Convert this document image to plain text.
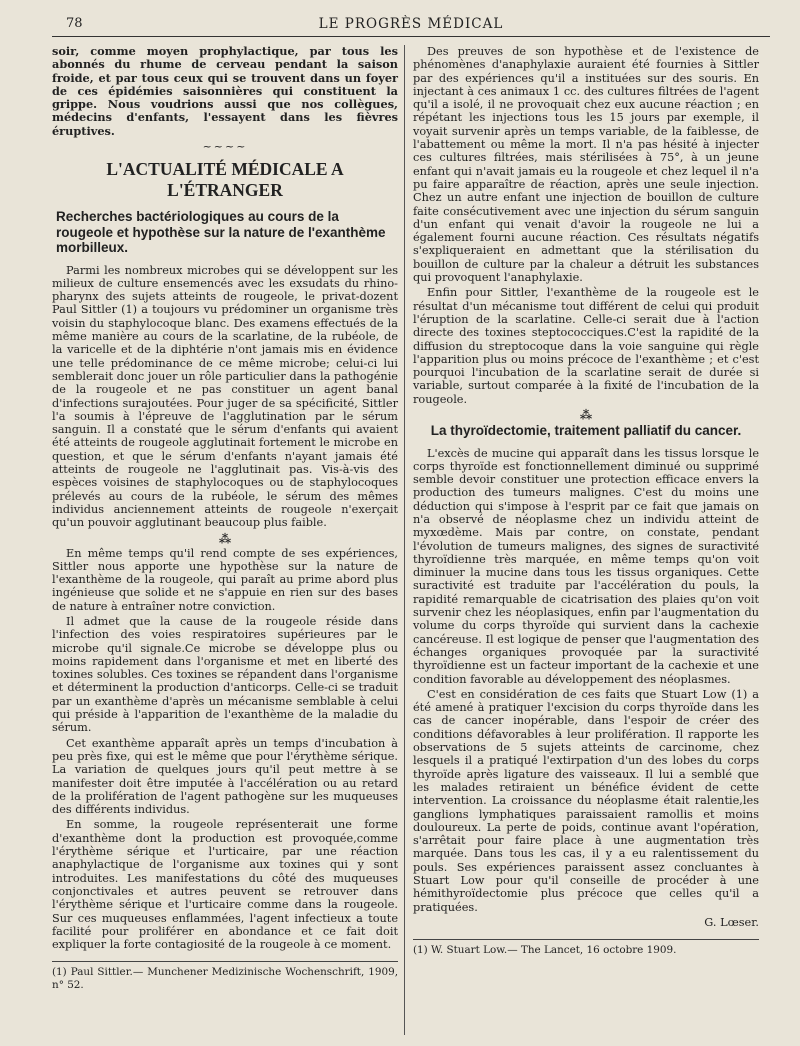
78	LE PROGRÈS MÉDICAL

soir, comme moyen prophylactique, par tous les abonnés du rhume de cerveau pendant la saison froide, et par tous ceux qui se trouvent dans un foyer de ces épidémies saisonnières qui constituent la grippe. Nous voudrions aussi que nos collègues, médecins d'enfants, l'essayent dans les fièvres éruptives.

~~~~
L'ACTUALITÉ MÉDICALE A L'ÉTRANGER
Recherches bactériologiques au cours de la rougeole et hypothèse sur la nature de l'exanthème morbilleux.

Parmi les nombreux microbes qui se développent sur les milieux de culture ensemencés avec les exsudats du rhino-pharynx des sujets atteints de rougeole, le privat-dozent Paul Sittler (1) a toujours vu prédominer un organisme très voisin du staphylocoque blanc. Des examens effectués de la même manière au cours de la scarlatine, de la rubéole, de la varicelle et de la diphtérie n'ont jamais mis en évidence une telle prédominance de ce même microbe; celui-ci lui semblerait donc jouer un rôle particulier dans la pathogénie de la rougeole et ne pas constituer un agent banal d'infections surajoutées. Pour juger de sa spécificité, Sittler l'a soumis à l'épreuve de l'agglutination par le sérum sanguin. Il a constaté que le sérum d'enfants qui avaient été atteints de rougeole agglutinait fortement le microbe en question, et que le sérum d'enfants n'ayant jamais été atteints de rougeole ne l'agglutinait pas. Vis-à-vis des espèces voisines de staphylocoques ou de staphylocoques prélevés au cours de la rubéole, le sérum des mêmes individus anciennement atteints de rougeole n'exerçait qu'un pouvoir agglutinant beaucoup plus faible.

⁂

En même temps qu'il rend compte de ses expériences, Sittler nous apporte une hypothèse sur la nature de l'exanthème de la rougeole, qui paraît au prime abord plus ingénieuse que solide et ne s'appuie en rien sur des bases de nature à entraîner notre conviction.

Il admet que la cause de la rougeole réside dans l'infection des voies respiratoires supérieures par le microbe qu'il signale.Ce microbe se développe plus ou moins rapidement dans l'organisme et met en liberté des toxines solubles. Ces toxines se répandent dans l'organisme et déterminent la production d'anticorps. Celle-ci se traduit par un exanthème d'après un mécanisme semblable à celui qui préside à l'apparition de l'exanthème de la maladie du sérum.

Cet exanthème apparaît après un temps d'incubation à peu près fixe, qui est le même que pour l'érythème sérique. La variation de quelques jours qu'il peut mettre à se manifester doit être imputée à l'accélération ou au retard de la prolifération de l'agent pathogène sur les muqueuses des différents individus.

En somme, la rougeole représenterait une forme d'exanthème dont la production est provoquée,comme l'érythème sérique et l'urticaire, par une réaction anaphylactique de l'organisme aux toxines qui y sont introduites. Les manifestations du côté des muqueuses conjonctivales et autres peuvent se retrouver dans l'érythème sérique et l'urticaire comme dans la rougeole. Sur ces muqueuses enflammées, l'agent infectieux a toute facilité pour proliférer en abondance et ce fait doit expliquer la forte contagiosité de la rougeole à ce moment.

(1) Paul Sittler.— Munchener Medizinische Wochenschrift, 1909, n° 52.

Des preuves de son hypothèse et de l'existence de phénomènes d'anaphylaxie auraient été fournies à Sittler par des expériences qu'il a instituées sur des souris. En injectant à ces animaux 1 cc. des cultures filtrées de l'agent qu'il a isolé, il ne provoquait chez eux aucune réaction ; en répétant les injections tous les 15 jours par exemple, il voyait survenir après un temps variable, de la faiblesse, de l'abattement ou même la mort. Il n'a pas hésité à injecter ces cultures filtrées, mais stérilisées à 75°, à un jeune enfant qui n'avait jamais eu la rougeole et chez lequel il n'a pu faire apparaître de réaction, après une seule injection. Chez un autre enfant une injection de bouillon de culture faite consécutivement avec une injection du sérum sanguin d'un enfant qui venait d'avoir la rougeole ne lui a également fourni aucune réaction. Ces résultats négatifs s'expliqueraient en admettant que la stérilisation du bouillon de culture par la chaleur a détruit les substances qui provoquent l'anaphylaxie.

Enfin pour Sittler, l'exanthème de la rougeole est le résultat d'un mécanisme tout différent de celui qui produit l'éruption de la scarlatine. Celle-ci serait due à l'action directe des toxines steptococciques.C'est la rapidité de la diffusion du streptocoque dans la voie sanguine qui règle l'apparition plus ou moins précoce de l'exanthème ; et c'est pourquoi l'incubation de la scarlatine serait de durée si variable, surtout comparée à la fixité de l'incubation de la rougeole.

⁂
La thyroïdectomie, traitement palliatif du cancer.

L'excès de mucine qui apparaît dans les tissus lorsque le corps thyroïde est fonctionnellement diminué ou supprimé semble devoir constituer une protection efficace envers la production des tumeurs malignes. C'est du moins une déduction qui s'impose à l'esprit par ce fait que jamais on n'a observé de néoplasme chez un individu atteint de myxœdème. Mais par contre, on constate, pendant l'évolution de tumeurs malignes, des signes de suractivité thyroïdienne très marquée, en même temps qu'on voit diminuer la mucine dans tous les tissus organiques. Cette suractivité est traduite par l'accélération du pouls, la rapidité remarquable de cicatrisation des plaies qu'on voit survenir chez les néoplasiques, enfin par l'augmentation du volume du corps thyroïde qui survient dans la cachexie cancéreuse. Il est logique de penser que l'augmentation des échanges organiques provoquée par la suractivité thyroïdienne est un facteur important de la cachexie et une condition favorable au développement des néoplasmes.

C'est en considération de ces faits que Stuart Low (1) a été amené à pratiquer l'excision du corps thyroïde dans les cas de cancer inopérable, dans l'espoir de créer des conditions défavorables à leur prolifération. Il rapporte les observations de 5 sujets atteints de carcinome, chez lesquels il a pratiqué l'extirpation d'un des lobes du corps thyroïde après ligature des vaisseaux. Il lui a semblé que les malades retiraient un bénéfice évident de cette intervention. La croissance du néoplasme était ralentie,les ganglions lymphatiques paraissaient ramollis et moins douloureux. La perte de poids, continue avant l'opération, s'arrêtait pour faire place à une augmentation très marquée. Dans tous les cas, il y a eu ralentissement du pouls. Ses expériences paraissent assez concluantes à Stuart Low pour qu'il conseille de procéder à une hémithyroïdectomie plus précoce que celles qu'il a pratiquées.

G. Lœser.

(1) W. Stuart Low.— The Lancet, 16 octobre 1909.
